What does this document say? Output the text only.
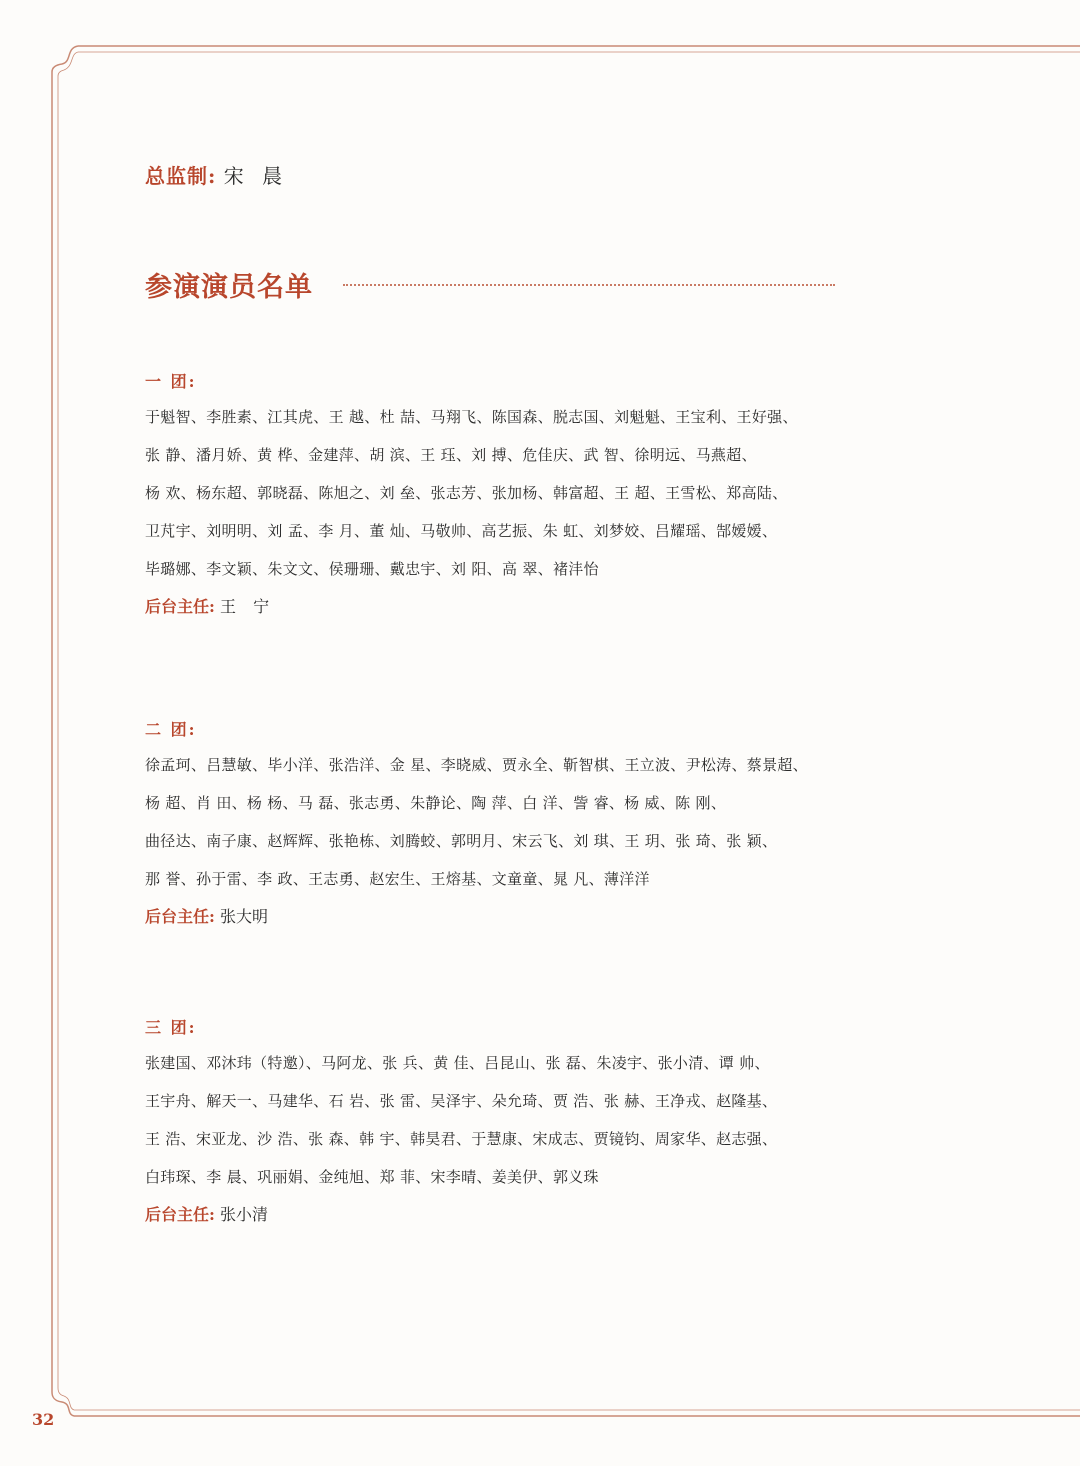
总监制: 宋 晨
参演演员名单
一 团:
于魁智、李胜素、江其虎、王 越、杜 喆、马翔飞、陈国森、脱志国、刘魁魁、王宝利、王好强、
张 静、潘月娇、黄 桦、金建萍、胡 滨、王 珏、刘 搏、危佳庆、武 智、徐明远、马燕超、
杨 欢、杨东超、郭晓磊、陈旭之、刘 垒、张志芳、张加杨、韩富超、王 超、王雪松、郑高陆、
卫芃宇、刘明明、刘 孟、李 月、董 灿、马敬帅、高艺振、朱 虹、刘梦姣、吕耀瑶、郜嫒嫒、
毕璐娜、李文颖、朱文文、侯珊珊、戴忠宇、刘 阳、高 翠、褚沣怡
后台主任: 王 宁
二 团:
徐孟珂、吕慧敏、毕小洋、张浩洋、金 星、李晓威、贾永全、靳智棋、王立波、尹松涛、蔡景超、
杨 超、肖 田、杨 杨、马 磊、张志勇、朱静论、陶 萍、白 洋、訾 睿、杨 威、陈 刚、
曲径达、南子康、赵辉辉、张艳栋、刘腾蛟、郭明月、宋云飞、刘 琪、王 玥、张 琦、张 颖、
那 誉、孙于雷、李 政、王志勇、赵宏生、王熔基、文童童、晁 凡、薄洋洋
后台主任: 张大明
三 团:
张建国、邓沐玮（特邀）、马阿龙、张 兵、黄 佳、吕昆山、张 磊、朱凌宇、张小清、谭 帅、
王宇舟、解天一、马建华、石 岩、张 雷、吴泽宇、朵允琦、贾 浩、张 赫、王净戎、赵隆基、
王 浩、宋亚龙、沙 浩、张 森、韩 宇、韩昊君、于慧康、宋成志、贾镜钧、周家华、赵志强、
白玮琛、李 晨、巩丽娟、金纯旭、郑 菲、宋李晴、姜美伊、郭义珠
后台主任: 张小清
32
